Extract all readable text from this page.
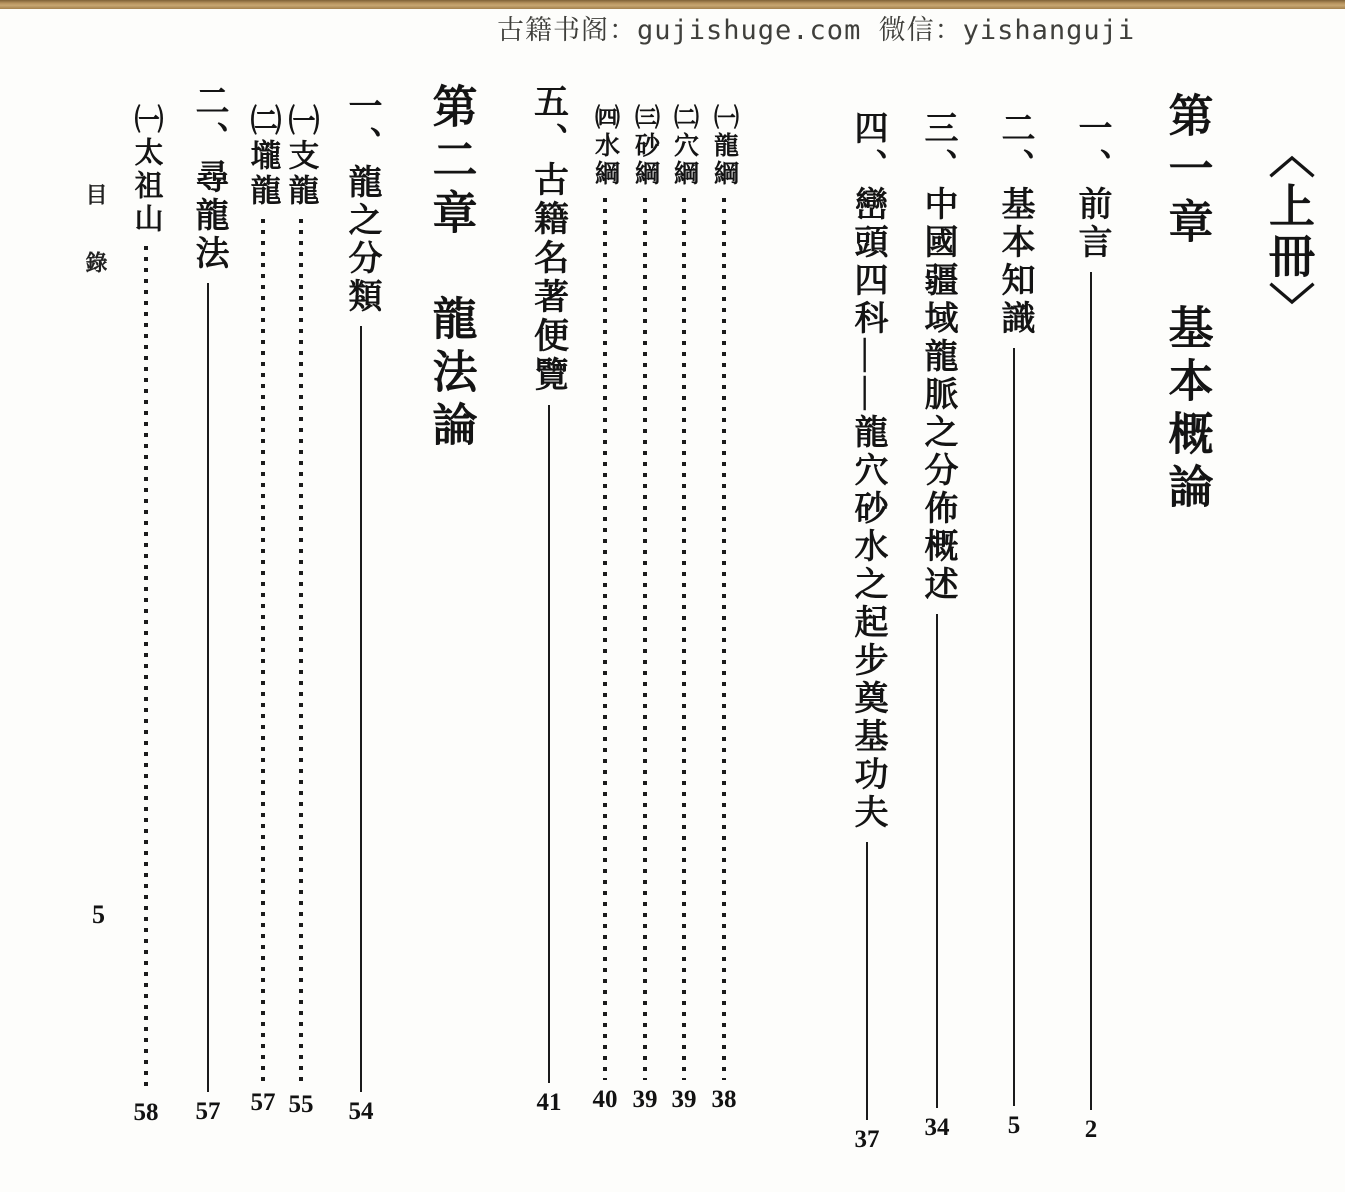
古籍书阁：gujishuge.com 微信：yishanguji
〈上冊〉
第一章　基本概論
一、前言
2
二、基本知識
5
三、中國疆域龍脈之分佈概述
34
四、巒頭四科——龍穴砂水之起步奠基功夫
37
㈠龍綱
38
㈡穴綱
39
㈢砂綱
39
㈣水綱
40
五、古籍名著便覽
41
第二章　龍法論
一、龍之分類
54
㈠支龍
55
㈡壠龍
57
二、尋龍法
57
㈠太祖山
58
目錄
5
